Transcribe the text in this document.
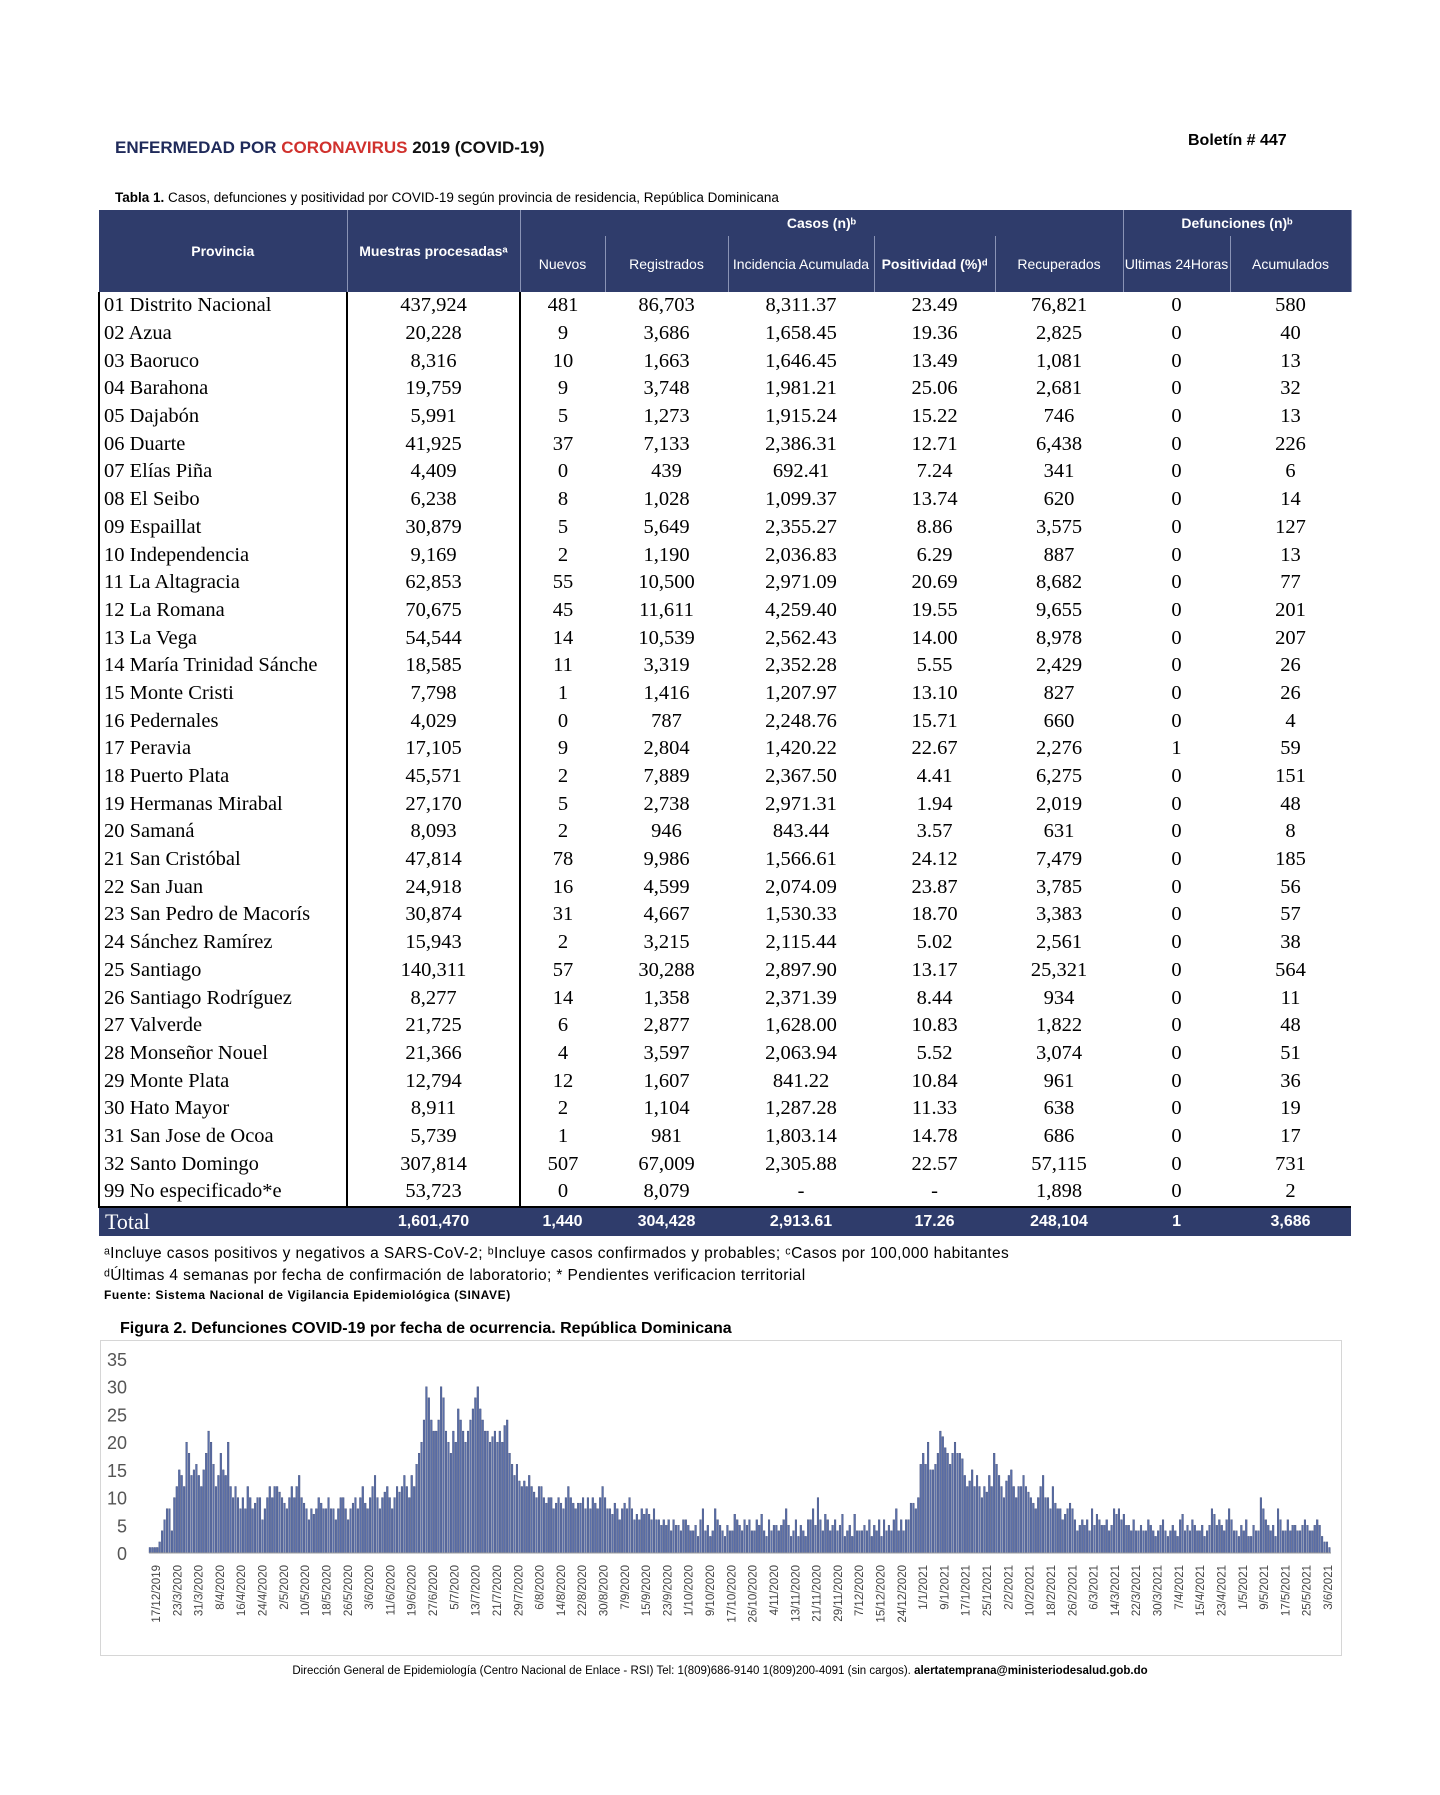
ENFERMEDAD POR CORONAVIRUS 2019 (COVID-19)	Boletín # 447
Tabla 1. Casos, defunciones y positividad por COVID-19 según provincia de residencia, República Dominicana
Provincia	Muestras procesadasᵃ	Casos (n)ᵇ					Defunciones (n)ᵇ	
		Nuevos	Registrados	Incidencia Acumulada	Positividad (%)ᵈ	Recuperados	Ultimas 24Horas	Acumulados
01 Distrito Nacional	437,924	481	86,703	8,311.37	23.49	76,821	0	580
02 Azua	20,228	9	3,686	1,658.45	19.36	2,825	0	40
03 Baoruco	8,316	10	1,663	1,646.45	13.49	1,081	0	13
04 Barahona	19,759	9	3,748	1,981.21	25.06	2,681	0	32
05 Dajabón	5,991	5	1,273	1,915.24	15.22	746	0	13
06 Duarte	41,925	37	7,133	2,386.31	12.71	6,438	0	226
07 Elías Piña	4,409	0	439	692.41	7.24	341	0	6
08 El Seibo	6,238	8	1,028	1,099.37	13.74	620	0	14
09 Espaillat	30,879	5	5,649	2,355.27	8.86	3,575	0	127
10 Independencia	9,169	2	1,190	2,036.83	6.29	887	0	13
11 La Altagracia	62,853	55	10,500	2,971.09	20.69	8,682	0	77
12 La Romana	70,675	45	11,611	4,259.40	19.55	9,655	0	201
13 La Vega	54,544	14	10,539	2,562.43	14.00	8,978	0	207
14 María Trinidad Sánche	18,585	11	3,319	2,352.28	5.55	2,429	0	26
15 Monte Cristi	7,798	1	1,416	1,207.97	13.10	827	0	26
16 Pedernales	4,029	0	787	2,248.76	15.71	660	0	4
17 Peravia	17,105	9	2,804	1,420.22	22.67	2,276	1	59
18 Puerto Plata	45,571	2	7,889	2,367.50	4.41	6,275	0	151
19 Hermanas Mirabal	27,170	5	2,738	2,971.31	1.94	2,019	0	48
20 Samaná	8,093	2	946	843.44	3.57	631	0	8
21 San Cristóbal	47,814	78	9,986	1,566.61	24.12	7,479	0	185
22 San Juan	24,918	16	4,599	2,074.09	23.87	3,785	0	56
23 San Pedro de Macorís	30,874	31	4,667	1,530.33	18.70	3,383	0	57
24 Sánchez Ramírez	15,943	2	3,215	2,115.44	5.02	2,561	0	38
25 Santiago	140,311	57	30,288	2,897.90	13.17	25,321	0	564
26 Santiago Rodríguez	8,277	14	1,358	2,371.39	8.44	934	0	11
27 Valverde	21,725	6	2,877	1,628.00	10.83	1,822	0	48
28 Monseñor Nouel	21,366	4	3,597	2,063.94	5.52	3,074	0	51
29 Monte Plata	12,794	12	1,607	841.22	10.84	961	0	36
30 Hato Mayor	8,911	2	1,104	1,287.28	11.33	638	0	19
31 San Jose de Ocoa	5,739	1	981	1,803.14	14.78	686	0	17
32 Santo Domingo	307,814	507	67,009	2,305.88	22.57	57,115	0	731
99 No especificado*e	53,723	0	8,079	-	-	1,898	0	2
Total	1,601,470	1,440	304,428	2,913.61	17.26	248,104	1	3,686
ᵃIncluye casos positivos y negativos a SARS-CoV-2; ᵇIncluye casos confirmados y probables; ᶜCasos por 100,000 habitantes
ᵈÚltimas 4 semanas por fecha de confirmación de laboratorio; * Pendientes verificacion territorial
Fuente: Sistema Nacional de Vigilancia Epidemiológica (SINAVE)
Figura 2. Defunciones COVID-19 por fecha de ocurrencia. República Dominicana
0
5
10
15
20
25
30
35
17/12/2019 23/3/2020 31/3/2020 8/4/2020 16/4/2020 24/4/2020 2/5/2020 10/5/2020 18/5/2020 26/5/2020 3/6/2020 11/6/2020 19/6/2020 27/6/2020 5/7/2020 13/7/2020 21/7/2020 29/7/2020 6/8/2020 14/8/2020 22/8/2020 30/8/2020 7/9/2020 15/9/2020 23/9/2020 1/10/2020 9/10/2020 17/10/2020 26/10/2020 4/11/2020 13/11/2020 21/11/2020 29/11/2020 7/12/2020 15/12/2020 24/12/2020 1/1/2021 9/1/2021 17/1/2021 25/1/2021 2/2/2021 10/2/2021 18/2/2021 26/2/2021 6/3/2021 14/3/2021 22/3/2021 30/3/2021 7/4/2021 15/4/2021 23/4/2021 1/5/2021 9/5/2021 17/5/2021 25/5/2021 3/6/2021
Dirección General de Epidemiología (Centro Nacional de Enlace - RSI) Tel: 1(809)686-9140 1(809)200-4091 (sin cargos). alertatemprana@ministeriodesalud.gob.do
